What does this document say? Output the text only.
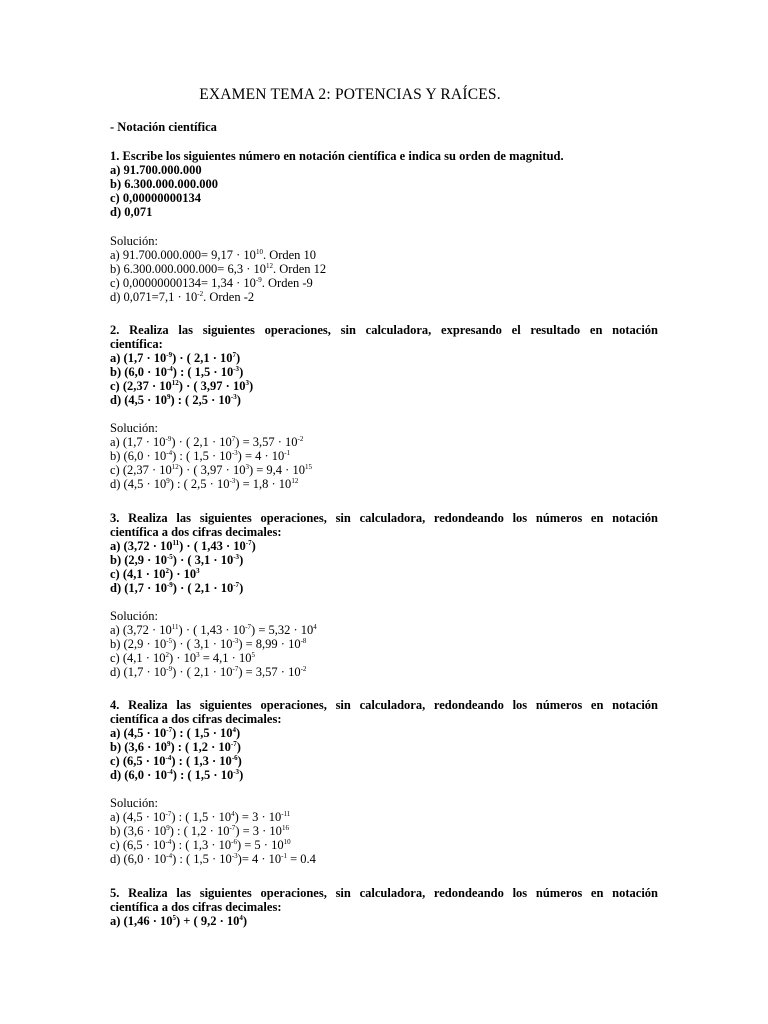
EXAMEN TEMA 2: POTENCIAS Y RAÍCES.
- Notación científica
1. Escribe los siguientes número en notación científica e indica su orden de magnitud.
a) 91.700.000.000
b) 6.300.000.000.000
c) 0,00000000134
d) 0,071
Solución:
a) $91.700.000.000= 9,17 \cdot 10^{10}$. Orden 10
b) $6.300.000.000.000= 6,3 \cdot 10^{12}$. Orden 12
c) $0,00000000134= 1,34 \cdot 10^{-9}$. Orden -9
d) $0,071=7,1 \cdot 10^{-2}$. Orden -2
2. Realiza las siguientes operaciones, sin calculadora, expresando el resultado en notación
científica:
a) $(1,7 \cdot 10^{-9})$ · ( $2,1 \cdot 10^7$)
b) $(6,0 \cdot 10^{-4})$ : ( $1,5 \cdot 10^{-3}$)
c) $(2,37 \cdot 10^{12})$ · ( $3,97 \cdot 10^3$)
d) $(4,5 \cdot 10^9)$ : ( $2,5 \cdot 10^{-3}$)
Solución:
a) $(1,7 \cdot 10^{-9})$ · ( $2,1 \cdot 10^7) = 3,57 \cdot 10^{-2}$
b) $(6,0 \cdot 10^{-4})$ : ( $1,5 \cdot 10^{-3}) = 4 \cdot 10^{-1}$
c) $(2,37 \cdot 10^{12})$ · ( $3,97 \cdot 10^3) = 9,4 \cdot 10^{15}$
d) $(4,5 \cdot 10^9)$ : ( $2,5 \cdot 10^{-3}) = 1,8 \cdot 10^{12}$
3. Realiza las siguientes operaciones, sin calculadora, redondeando los números en notación
científica a dos cifras decimales:
a) $(3,72 \cdot 10^{11})$ · ( $1,43 \cdot 10^{-7}$)
b) $(2,9 \cdot 10^{-5})$ · ( $3,1 \cdot 10^{-3}$)
c) $(4,1 \cdot 10^2) \cdot 10^3$
d) $(1,7 \cdot 10^{-9})$ · ( $2,1 \cdot 10^{-7}$)
Solución:
a) $(3,72 \cdot 10^{11})$ · ( $1,43 \cdot 10^{-7}) = 5,32 \cdot 10^4$
b) $(2,9 \cdot 10^{-5})$ · ( $3,1 \cdot 10^{-3}) = 8,99 \cdot 10^{-8}$
c) $(4,1 \cdot 10^2) \cdot 10^3 = 4,1 \cdot 10^5$
d) $(1,7 \cdot 10^{-9})$ · ( $2,1 \cdot 10^{-7}) = 3,57 \cdot 10^{-2}$
4. Realiza las siguientes operaciones, sin calculadora, redondeando los números en notación
científica a dos cifras decimales:
a) $(4,5 \cdot 10^{-7})$ : ( $1,5 \cdot 10^4$)
b) $(3,6 \cdot 10^9)$ : ( $1,2 \cdot 10^{-7}$)
c) $(6,5 \cdot 10^{-4})$ : ( $1,3 \cdot 10^{-6}$)
d) $(6,0 \cdot 10^{-4})$ : ( $1,5 \cdot 10^{-3}$)
Solución:
a) $(4,5 \cdot 10^{-7})$ : ( $1,5 \cdot 10^4) = 3 \cdot 10^{-11}$
b) $(3,6 \cdot 10^9)$ : ( $1,2 \cdot 10^{-7}) = 3 \cdot 10^{16}$
c) $(6,5 \cdot 10^{-4})$ : ( $1,3 \cdot 10^{-6}) = 5 \cdot 10^{10}$
d) $(6,0 \cdot 10^{-4})$ : ( $1,5 \cdot 10^{-3})= 4 \cdot 10^{-1} = 0.4$
5. Realiza las siguientes operaciones, sin calculadora, redondeando los números en notación
científica a dos cifras decimales:
a) $(1,46 \cdot 10^5)$ + ( $9,2 \cdot 10^4$)
